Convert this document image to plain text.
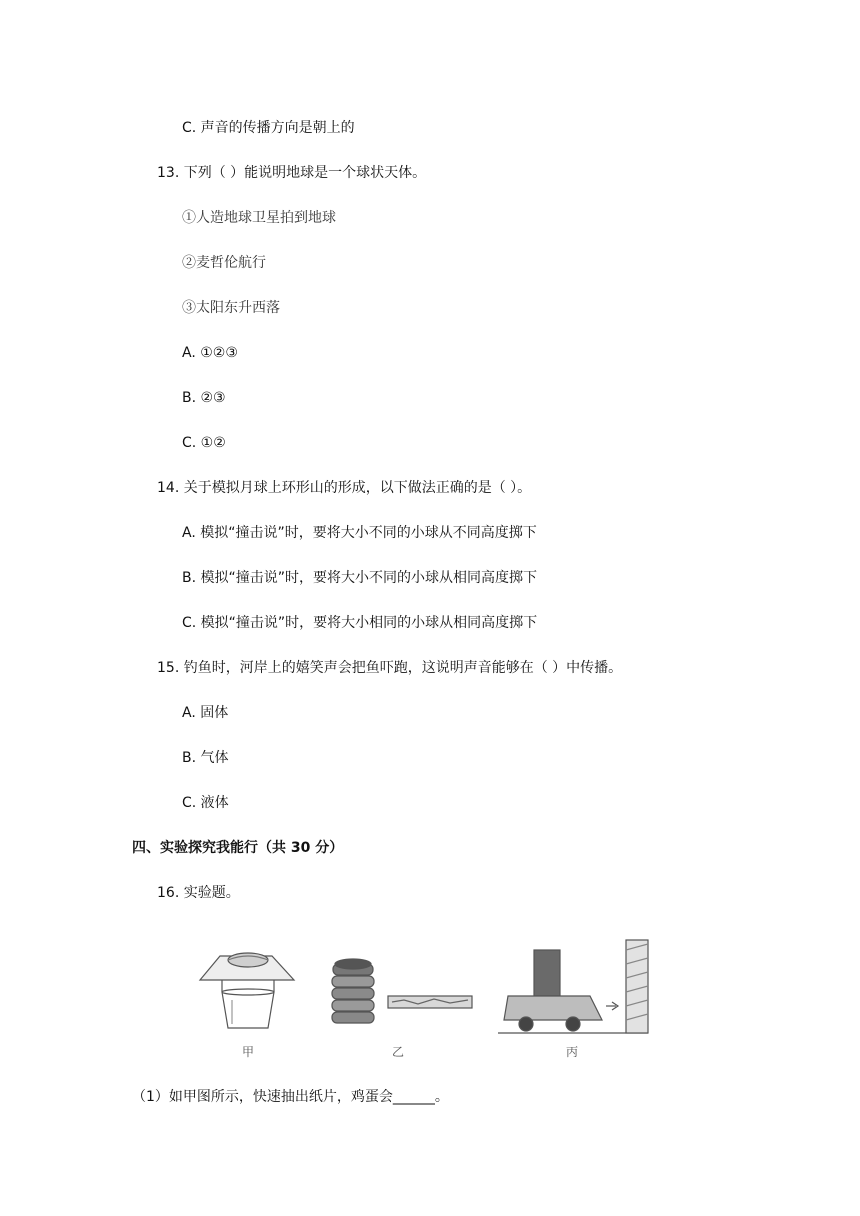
C. 声音的传播方向是朝上的
13. 下列（ ）能说明地球是一个球状天体。
①人造地球卫星拍到地球
②麦哲伦航行
③太阳东升西落
A. ①②③
B. ②③
C. ①②
14. 关于模拟月球上环形山的形成，以下做法正确的是（ ）。
A. 模拟“撞击说”时，要将大小不同的小球从不同高度掷下
B. 模拟“撞击说”时，要将大小不同的小球从相同高度掷下
C. 模拟“撞击说”时，要将大小相同的小球从相同高度掷下
15. 钓鱼时，河岸上的嬉笑声会把鱼吓跑，这说明声音能够在（ ）中传播。
A. 固体
B. 气体
C. 液体
四、实验探究我能行（共 30 分）
16. 实验题。
甲	乙	丙
（1）如甲图所示，快速抽出纸片，鸡蛋会______。
